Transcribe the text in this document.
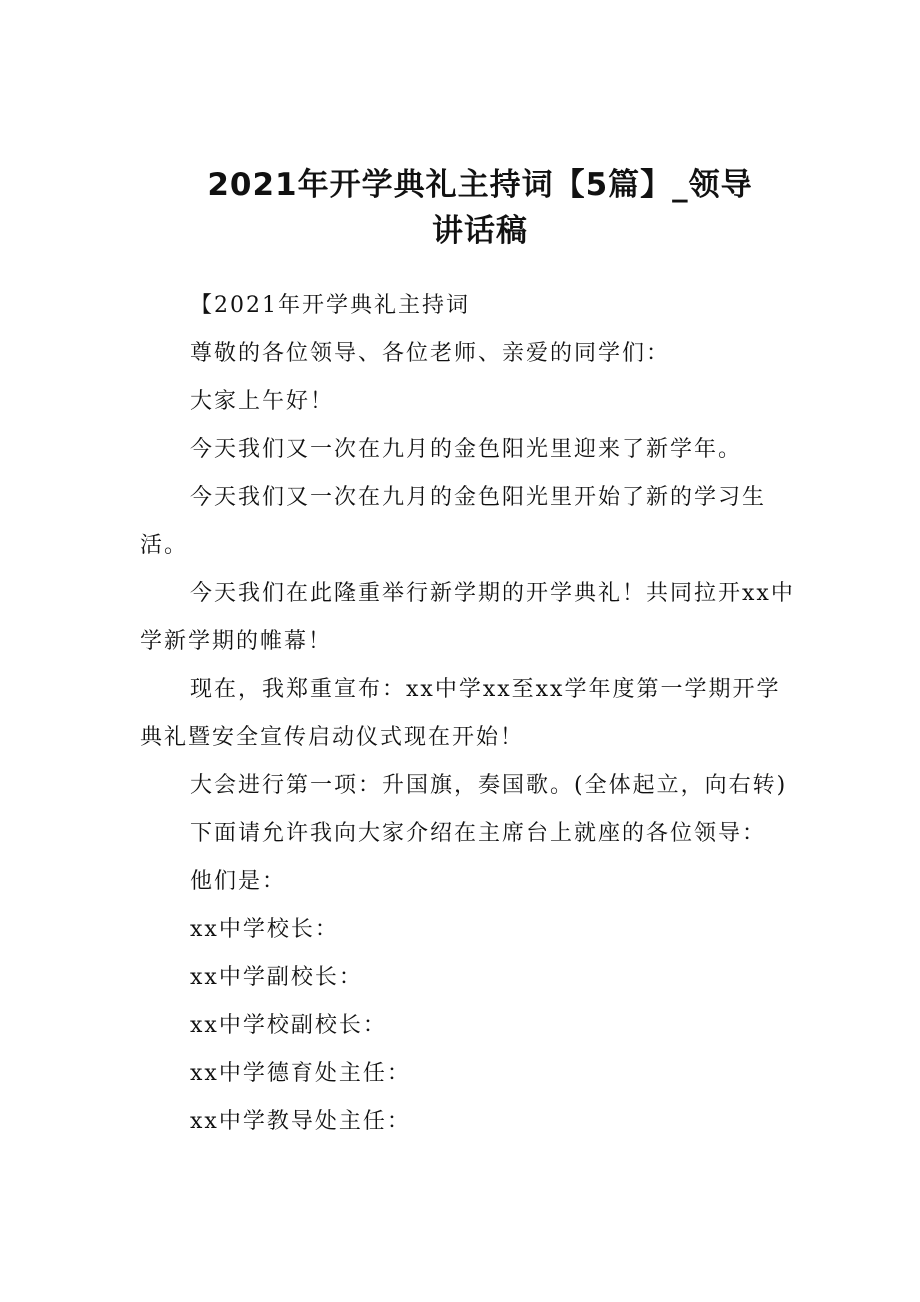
2021年开学典礼主持词【5篇】_领导
讲话稿

【2021年开学典礼主持词

尊敬的各位领导、各位老师、亲爱的同学们：

大家上午好！

今天我们又一次在九月的金色阳光里迎来了新学年。

今天我们又一次在九月的金色阳光里开始了新的学习生活。

今天我们在此隆重举行新学期的开学典礼！共同拉开xx中学新学期的帷幕！

现在，我郑重宣布：xx中学xx至xx学年度第一学期开学典礼暨安全宣传启动仪式现在开始！

大会进行第一项：升国旗，奏国歌。(全体起立，向右转)

下面请允许我向大家介绍在主席台上就座的各位领导：

他们是：

xx中学校长：

xx中学副校长：

xx中学校副校长：

xx中学德育处主任：

xx中学教导处主任：
